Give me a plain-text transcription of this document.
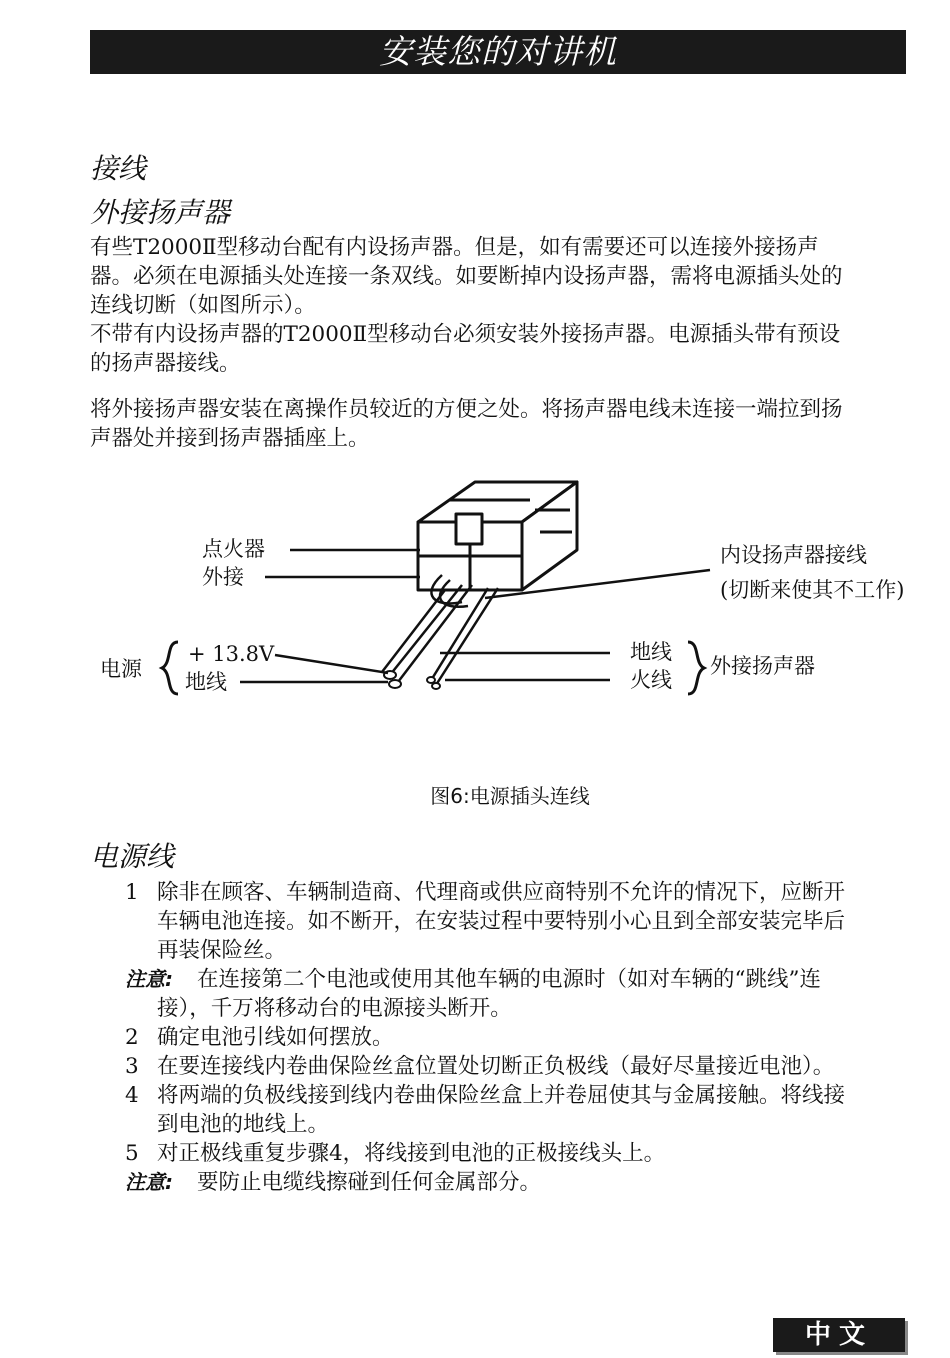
安装您的对讲机
接线
外接扬声器
有些T2000Ⅱ型移动台配有内设扬声器。但是，如有需要还可以连接外接扬声
器。必须在电源插头处连接一条双线。如要断掉内设扬声器，需将电源插头处的
连线切断（如图所示）。
不带有内设扬声器的T2000Ⅱ型移动台必须安装外接扬声器。电源插头带有预设
的扬声器接线。
将外接扬声器安装在离操作员较近的方便之处。将扬声器电线未连接一端拉到扬
声器处并接到扬声器插座上。
点火器
外接
内设扬声器接线
(切断来使其不工作)
电源
+ 13.8V
地线
地线
火线
外接扬声器
图6:电源插头连线
电源线
1 除非在顾客、车辆制造商、代理商或供应商特别不允许的情况下，应断开
车辆电池连接。如不断开，在安装过程中要特别小心且到全部安装完毕后
再装保险丝。
注意: 在连接第二个电池或使用其他车辆的电源时（如对车辆的“跳线”连
接），千万将移动台的电源接头断开。
2 确定电池引线如何摆放。
3 在要连接线内卷曲保险丝盒位置处切断正负极线（最好尽量接近电池）。
4 将两端的负极线接到线内卷曲保险丝盒上并卷屈使其与金属接触。将线接
到电池的地线上。
5 对正极线重复步骤4，将线接到电池的正极接线头上。
注意: 要防止电缆线擦碰到任何金属部分。
中文
